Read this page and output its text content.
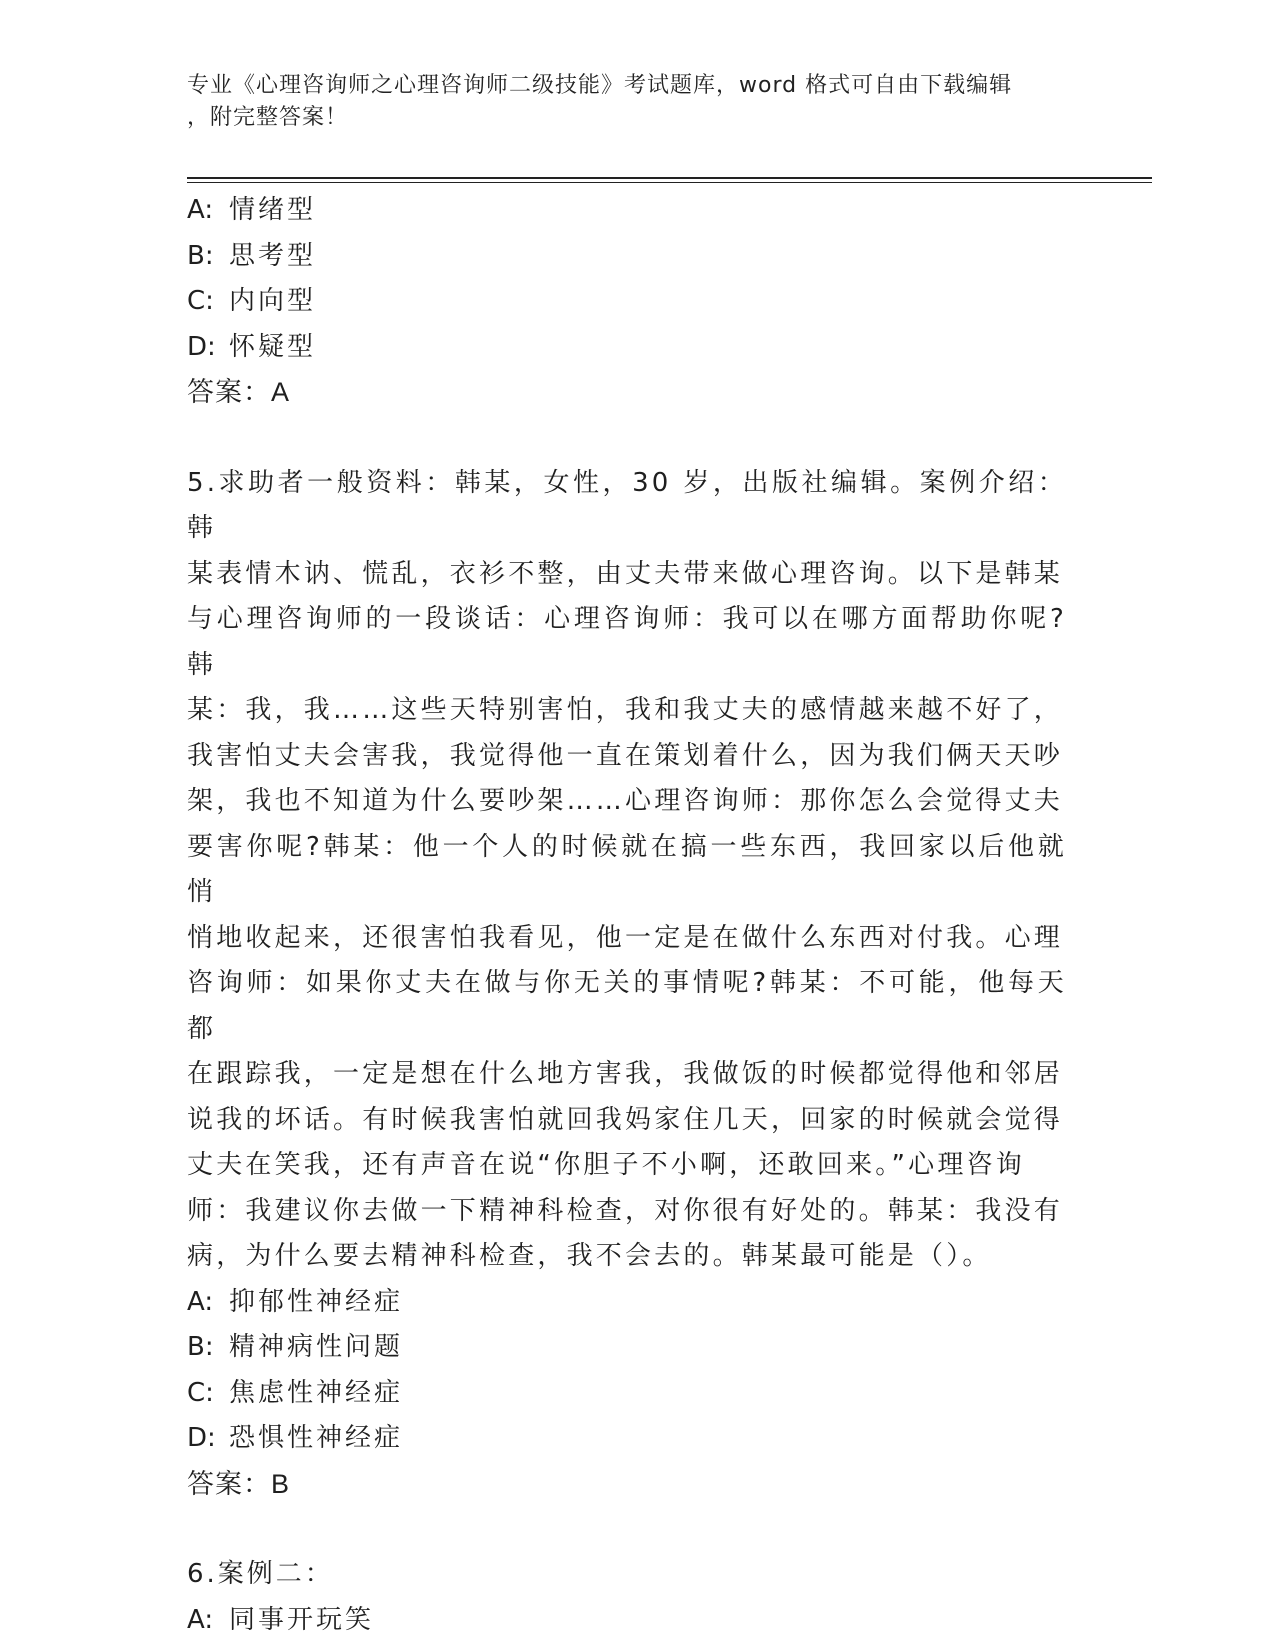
专业《心理咨询师之心理咨询师二级技能》考试题库，word 格式可自由下载编辑
，附完整答案！
A: 情绪型
B: 思考型
C: 内向型
D: 怀疑型
答案：A
5.求助者一般资料：韩某，女性，30 岁，出版社编辑。案例介绍：韩
某表情木讷、慌乱，衣衫不整，由丈夫带来做心理咨询。以下是韩某
与心理咨询师的一段谈话：心理咨询师：我可以在哪方面帮助你呢?韩
某：我，我……这些天特别害怕，我和我丈夫的感情越来越不好了，
我害怕丈夫会害我，我觉得他一直在策划着什么，因为我们俩天天吵
架，我也不知道为什么要吵架……心理咨询师：那你怎么会觉得丈夫
要害你呢?韩某：他一个人的时候就在搞一些东西，我回家以后他就悄
悄地收起来，还很害怕我看见，他一定是在做什么东西对付我。心理
咨询师：如果你丈夫在做与你无关的事情呢?韩某：不可能，他每天都
在跟踪我，一定是想在什么地方害我，我做饭的时候都觉得他和邻居
说我的坏话。有时候我害怕就回我妈家住几天，回家的时候就会觉得
丈夫在笑我，还有声音在说“你胆子不小啊，还敢回来。”心理咨询
师：我建议你去做一下精神科检查，对你很有好处的。韩某：我没有
病，为什么要去精神科检查，我不会去的。韩某最可能是（）。
A: 抑郁性神经症
B: 精神病性问题
C: 焦虑性神经症
D: 恐惧性神经症
答案：B
6.案例二：
A: 同事开玩笑
